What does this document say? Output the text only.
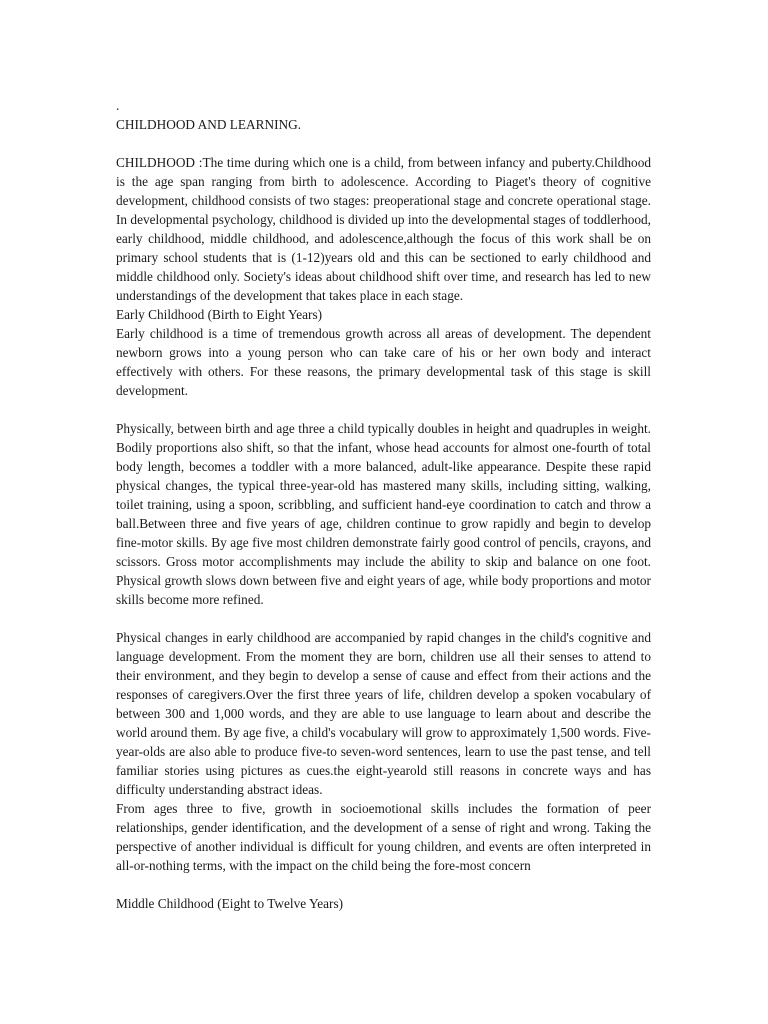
.

CHILDHOOD AND LEARNING.

CHILDHOOD :The time during which one is a child, from between infancy and puberty.Childhood is the age span ranging from birth to adolescence. According to Piaget's theory of cognitive development, childhood consists of two stages: preoperational stage and concrete operational stage. In developmental psychology, childhood is divided up into the developmental stages of toddlerhood, early childhood, middle childhood, and adolescence,although the focus of this work shall be on primary school students that is (1-12)years old and this can be sectioned to early childhood and middle childhood only. Society's ideas about childhood shift over time, and research has led to new understandings of the development that takes place in each stage.

Early Childhood (Birth to Eight Years)

Early childhood is a time of tremendous growth across all areas of development. The dependent newborn grows into a young person who can take care of his or her own body and interact effectively with others. For these reasons, the primary developmental task of this stage is skill development.

Physically, between birth and age three a child typically doubles in height and quadruples in weight. Bodily proportions also shift, so that the infant, whose head accounts for almost one-fourth of total body length, becomes a toddler with a more balanced, adult-like appearance. Despite these rapid physical changes, the typical three-year-old has mastered many skills, including sitting, walking, toilet training, using a spoon, scribbling, and sufficient hand-eye coordination to catch and throw a ball.Between three and five years of age, children continue to grow rapidly and begin to develop fine-motor skills. By age five most children demonstrate fairly good control of pencils, crayons, and scissors. Gross motor accomplishments may include the ability to skip and balance on one foot. Physical growth slows down between five and eight years of age, while body proportions and motor skills become more refined.

Physical changes in early childhood are accompanied by rapid changes in the child's cognitive and language development. From the moment they are born, children use all their senses to attend to their environment, and they begin to develop a sense of cause and effect from their actions and the responses of caregivers.Over the first three years of life, children develop a spoken vocabulary of between 300 and 1,000 words, and they are able to use language to learn about and describe the world around them. By age five, a child's vocabulary will grow to approximately 1,500 words. Five-year-olds are also able to produce five-to seven-word sentences, learn to use the past tense, and tell familiar stories using pictures as cues.the eight-yearold still reasons in concrete ways and has difficulty understanding abstract ideas.

From ages three to five, growth in socioemotional skills includes the formation of peer relationships, gender identification, and the development of a sense of right and wrong. Taking the perspective of another individual is difficult for young children, and events are often interpreted in all-or-nothing terms, with the impact on the child being the fore-most concern

Middle Childhood (Eight to Twelve Years)
